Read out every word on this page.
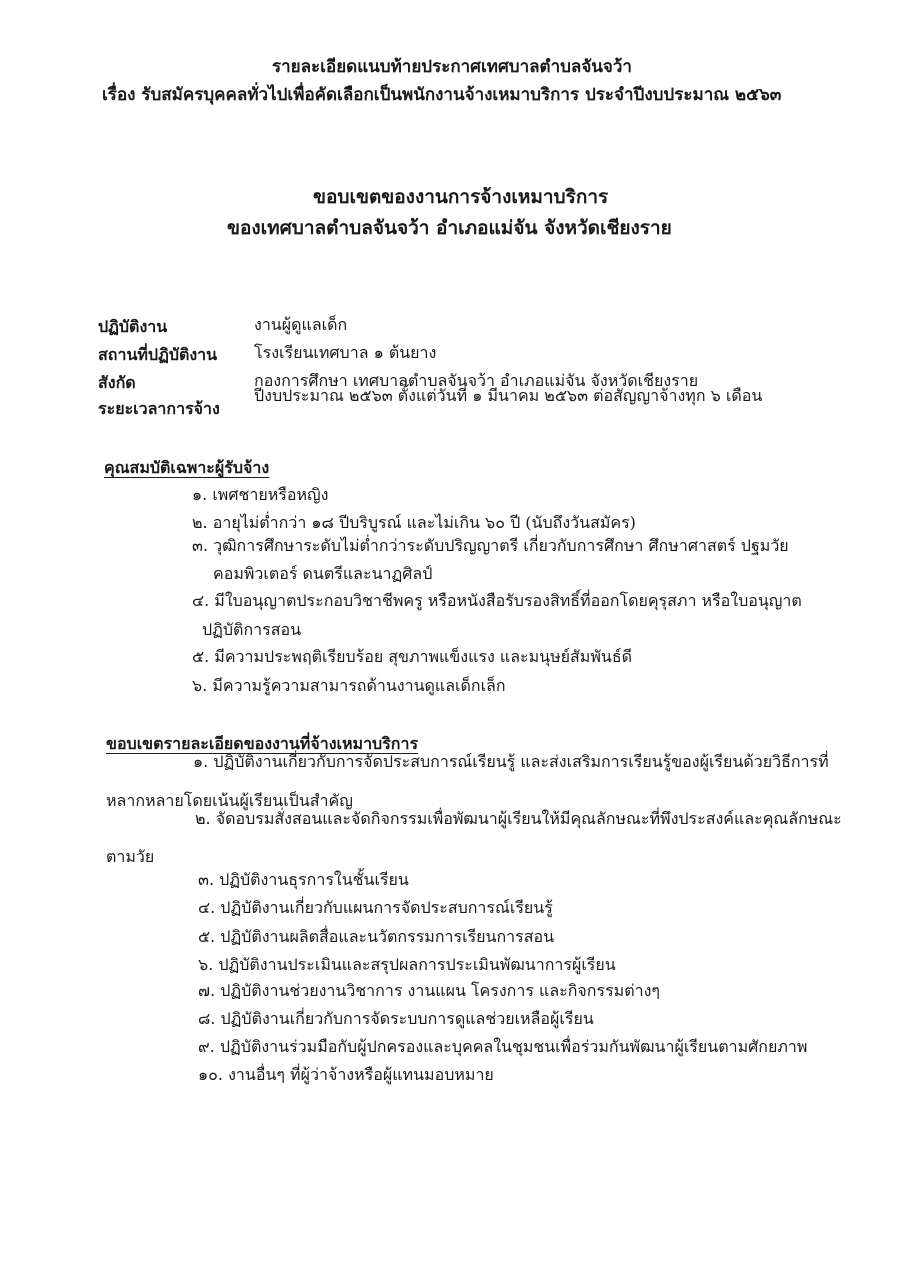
รายละเอียดแนบท้ายประกาศเทศบาลตำบลจันจว้า
เรื่อง รับสมัครบุคคลทั่วไปเพื่อคัดเลือกเป็นพนักงานจ้างเหมาบริการ ประจำปีงบประมาณ ๒๕๖๓
ขอบเขตของงานการจ้างเหมาบริการ
ของเทศบาลตำบลจันจว้า อำเภอแม่จัน จังหวัดเชียงราย
ปฏิบัติงาน	งานผู้ดูแลเด็ก
สถานที่ปฏิบัติงาน โรงเรียนเทศบาล ๑ ต้นยาง
สังกัด	กองการศึกษา เทศบาลตำบลจันจว้า อำเภอแม่จัน จังหวัดเชียงราย
ระยะเวลาการจ้าง
ปีงบประมาณ ๒๕๖๓ ตั้งแต่วันที่ ๑ มีนาคม ๒๕๖๓ ต่อสัญญาจ้างทุก ๖ เดือน
คุณสมบัติเฉพาะผู้รับจ้าง
๑. เพศชายหรือหญิง
๒. อายุไม่ต่ำกว่า ๑๘ ปีบริบูรณ์ และไม่เกิน ๖๐ ปี (นับถึงวันสมัคร)
๓. วุฒิการศึกษาระดับไม่ต่ำกว่าระดับปริญญาตรี เกี่ยวกับการศึกษา ศึกษาศาสตร์ ปฐมวัย
คอมพิวเตอร์ ดนตรีและนาฏศิลป์
๔. มีใบอนุญาตประกอบวิชาชีพครู หรือหนังสือรับรองสิทธิ์ที่ออกโดยคุรุสภา หรือใบอนุญาต
ปฏิบัติการสอน
๕. มีความประพฤติเรียบร้อย สุขภาพแข็งแรง และมนุษย์สัมพันธ์ดี
๖. มีความรู้ความสามารถด้านงานดูแลเด็กเล็ก
ขอบเขตรายละเอียดของงานที่จ้างเหมาบริการ
๑. ปฏิบัติงานเกี่ยวกับการจัดประสบการณ์เรียนรู้ และส่งเสริมการเรียนรู้ของผู้เรียนด้วยวิธีการที่
หลากหลายโดยเน้นผู้เรียนเป็นสำคัญ
๒. จัดอบรมสั่งสอนและจัดกิจกรรมเพื่อพัฒนาผู้เรียนให้มีคุณลักษณะที่พึงประสงค์และคุณลักษณะ
ตามวัย
๓. ปฏิบัติงานธุรการในชั้นเรียน
๔. ปฏิบัติงานเกี่ยวกับแผนการจัดประสบการณ์เรียนรู้
๕. ปฏิบัติงานผลิตสื่อและนวัตกรรมการเรียนการสอน
๖. ปฏิบัติงานประเมินและสรุปผลการประเมินพัฒนาการผู้เรียน
๗. ปฏิบัติงานช่วยงานวิชาการ งานแผน โครงการ และกิจกรรมต่างๆ
๘. ปฏิบัติงานเกี่ยวกับการจัดระบบการดูแลช่วยเหลือผู้เรียน
๙. ปฏิบัติงานร่วมมือกับผู้ปกครองและบุคคลในชุมชนเพื่อร่วมกันพัฒนาผู้เรียนตามศักยภาพ
๑๐. งานอื่นๆ ที่ผู้ว่าจ้างหรือผู้แทนมอบหมาย
